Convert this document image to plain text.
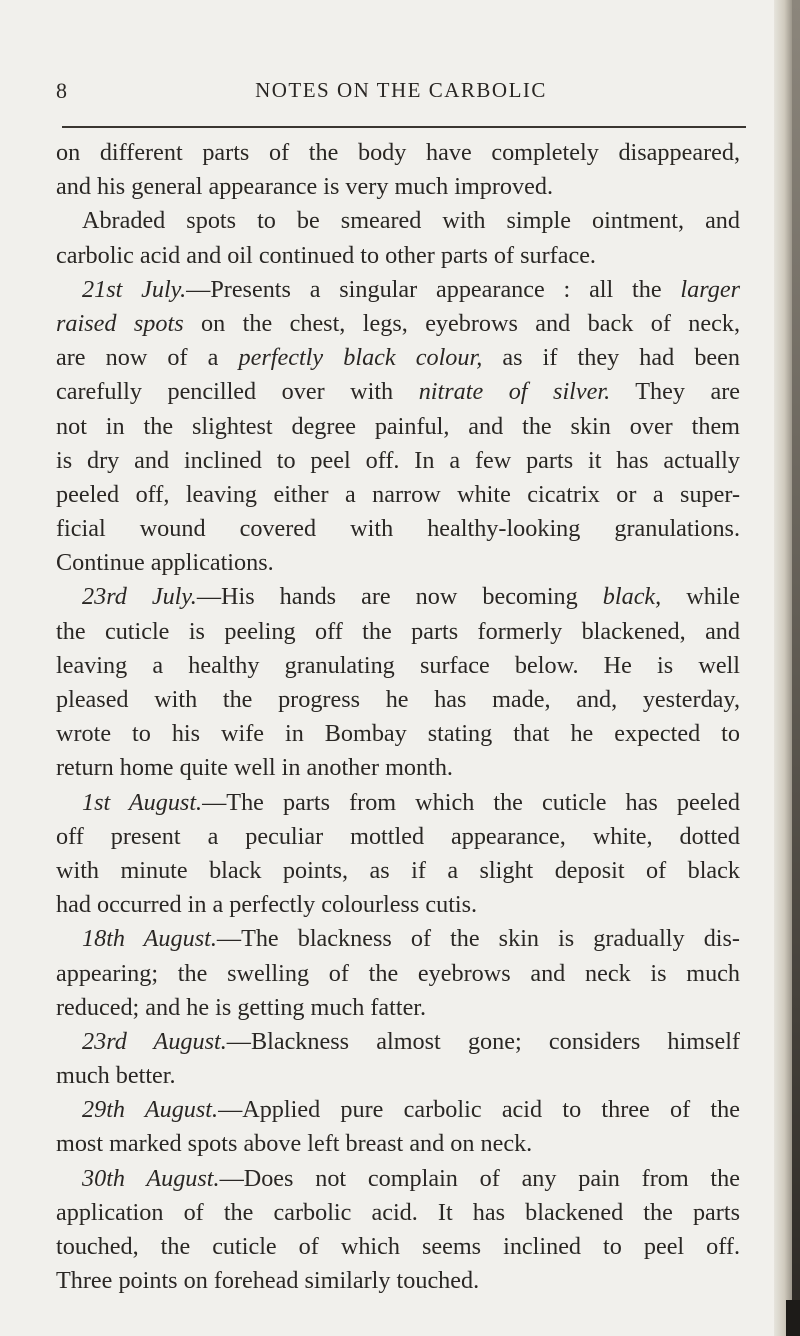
8	NOTES ON THE CARBOLIC
on different parts of the body have completely disappeared,
and his general appearance is very much improved.
Abraded spots to be smeared with simple ointment, and
carbolic acid and oil continued to other parts of surface.
21st July.—Presents a singular appearance : all the larger
raised spots on the chest, legs, eyebrows and back of neck,
are now of a perfectly black colour, as if they had been
carefully pencilled over with nitrate of silver. They are
not in the slightest degree painful, and the skin over them
is dry and inclined to peel off. In a few parts it has actually
peeled off, leaving either a narrow white cicatrix or a super-
ficial wound covered with healthy-looking granulations.
Continue applications.
23rd July.—His hands are now becoming black, while
the cuticle is peeling off the parts formerly blackened, and
leaving a healthy granulating surface below. He is well
pleased with the progress he has made, and, yesterday,
wrote to his wife in Bombay stating that he expected to
return home quite well in another month.
1st August.—The parts from which the cuticle has peeled
off present a peculiar mottled appearance, white, dotted
with minute black points, as if a slight deposit of black
had occurred in a perfectly colourless cutis.
18th August.—The blackness of the skin is gradually dis-
appearing; the swelling of the eyebrows and neck is much
reduced; and he is getting much fatter.
23rd August.—Blackness almost gone; considers himself
much better.
29th August.—Applied pure carbolic acid to three of the
most marked spots above left breast and on neck.
30th August.—Does not complain of any pain from the
application of the carbolic acid. It has blackened the parts
touched, the cuticle of which seems inclined to peel off.
Three points on forehead similarly touched.
